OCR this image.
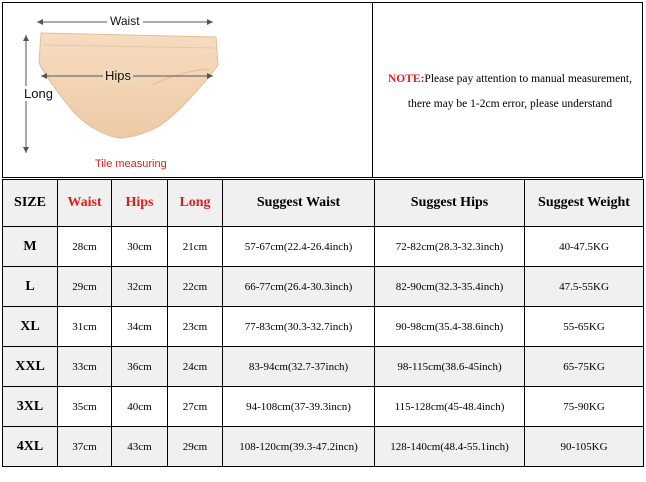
Waist
Hips
Long
Tile measuring
NOTE:Please pay attention to manual measurement,
there may be 1-2cm error, please understand
SIZE	Waist	Hips	Long	Suggest Waist	Suggest Hips	Suggest Weight
M	28cm	30cm	21cm	57-67cm(22.4-26.4inch)	72-82cm(28.3-32.3inch)	40-47.5KG
L	29cm	32cm	22cm	66-77cm(26.4-30.3inch)	82-90cm(32.3-35.4inch)	47.5-55KG
XL	31cm	34cm	23cm	77-83cm(30.3-32.7inch)	90-98cm(35.4-38.6inch)	55-65KG
XXL	33cm	36cm	24cm	83-94cm(32.7-37inch)	98-115cm(38.6-45inch)	65-75KG
3XL	35cm	40cm	27cm	94-108cm(37-39.3incn)	115-128cm(45-48.4inch)	75-90KG
4XL	37cm	43cm	29cm	108-120cm(39.3-47.2incn)	128-140cm(48.4-55.1inch)	90-105KG
